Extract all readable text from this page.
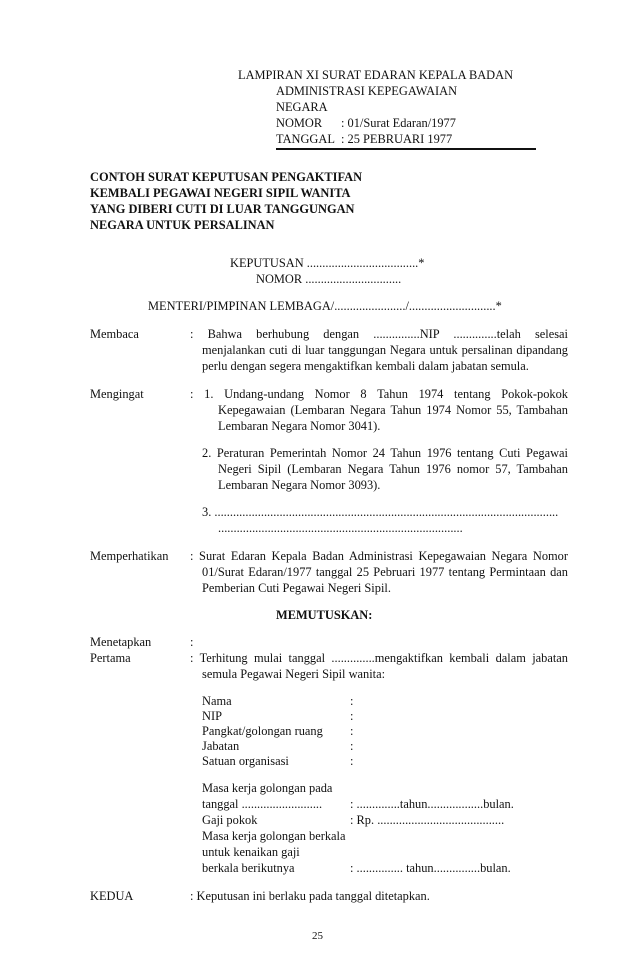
LAMPIRAN XI SURAT EDARAN KEPALA BADAN
ADMINISTRASI KEPEGAWAIAN
NEGARA
NOMOR : 01/Surat Edaran/1977
TANGGAL : 25 PEBRUARI 1977
CONTOH SURAT KEPUTUSAN PENGAKTIFAN
KEMBALI PEGAWAI NEGERI SIPIL WANITA
YANG DIBERI CUTI DI LUAR TANGGUNGAN
NEGARA UNTUK PERSALINAN
KEPUTUSAN ....................................*
NOMOR ...............................
MENTERI/PIMPINAN LEMBAGA/......................./............................*
Membaca	: Bahwa berhubung dengan ...............NIP ..............telah selesai
menjalankan cuti di luar tanggungan Negara untuk persalinan dipandang
perlu dengan segera mengaktifkan kembali dalam jabatan semula.
Mengingat	: 1. Undang-undang Nomor 8 Tahun 1974 tentang Pokok-pokok
Kepegawaian (Lembaran Negara Tahun 1974 Nomor 55, Tambahan
Lembaran Negara Nomor 3041).
2. Peraturan Pemerintah Nomor 24 Tahun 1976 tentang Cuti Pegawai
Negeri Sipil (Lembaran Negara Tahun 1976 nomor 57, Tambahan
Lembaran Negara Nomor 3093).
3. ...............................................................................................................
...............................................................................
Memperhatikan : Surat Edaran Kepala Badan Administrasi Kepegawaian Negara Nomor
01/Surat Edaran/1977 tanggal 25 Pebruari 1977 tentang Permintaan dan
Pemberian Cuti Pegawai Negeri Sipil.
MEMUTUSKAN:
Menetapkan	:
Pertama	: Terhitung mulai tanggal ..............mengaktifkan kembali dalam jabatan
semula Pegawai Negeri Sipil wanita:
Nama	:
NIP	:
Pangkat/golongan ruang :
Jabatan	:
Satuan organisasi	:
Masa kerja golongan pada
tanggal .......................... : ..............tahun..................bulan.
Gaji pokok	: Rp. .........................................
Masa kerja golongan berkala
untuk kenaikan gaji
berkala berikutnya	: ............... tahun...............bulan.
KEDUA	: Keputusan ini berlaku pada tanggal ditetapkan.
25
